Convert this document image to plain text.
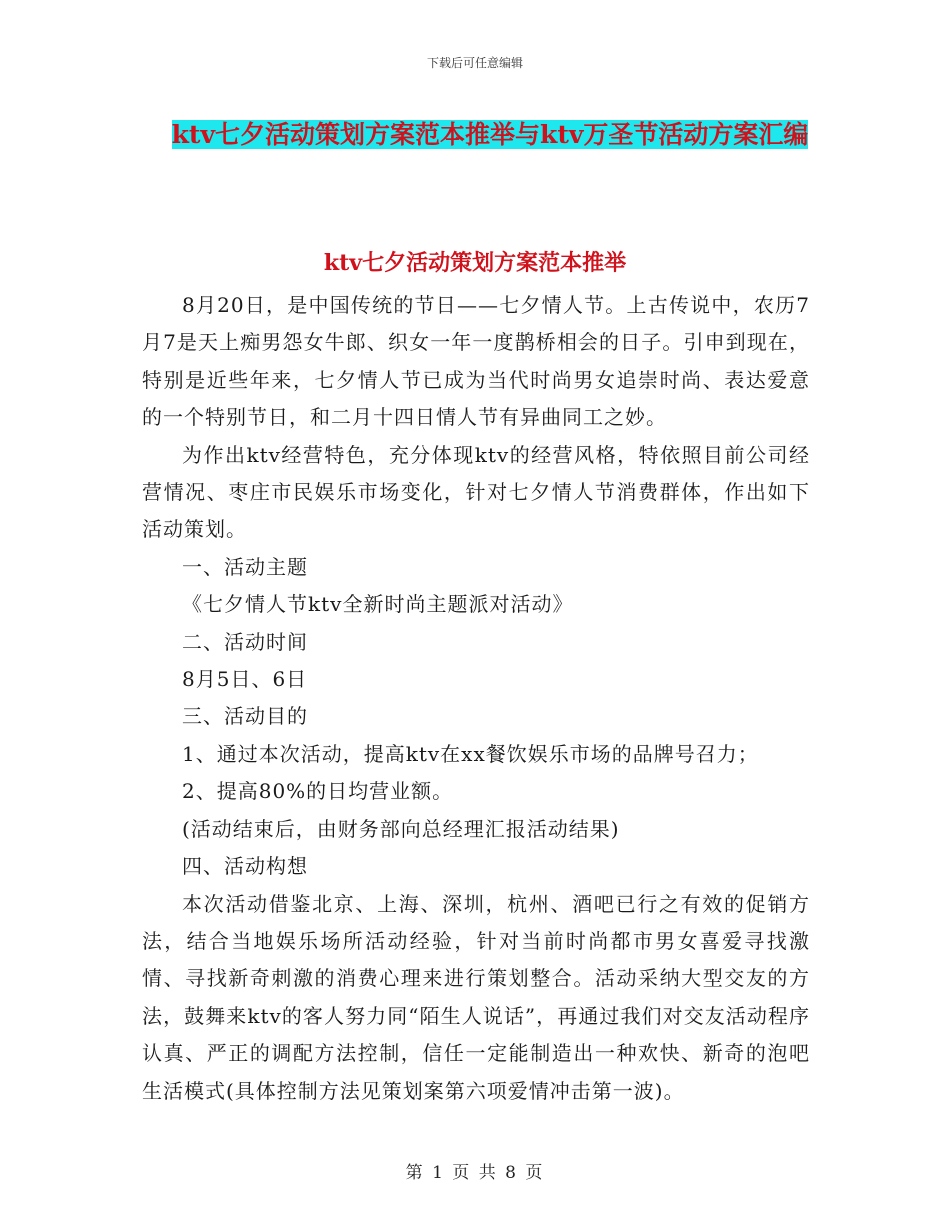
下载后可任意编辑
ktv七夕活动策划方案范本推举与ktv万圣节活动方案汇编
ktv七夕活动策划方案范本推举

8月20日，是中国传统的节日——七夕情人节。上古传说中，农历7月7是天上痴男怨女牛郎、织女一年一度鹊桥相会的日子。引申到现在，特别是近些年来，七夕情人节已成为当代时尚男女追崇时尚、表达爱意的一个特别节日，和二月十四日情人节有异曲同工之妙。

为作出ktv经营特色，充分体现ktv的经营风格，特依照目前公司经营情况、枣庄市民娱乐市场变化，针对七夕情人节消费群体，作出如下活动策划。

一、活动主题

《七夕情人节ktv全新时尚主题派对活动》

二、活动时间

8月5日、6日

三、活动目的

1、通过本次活动，提高ktv在xx餐饮娱乐市场的品牌号召力；

2、提高80%的日均营业额。

(活动结束后，由财务部向总经理汇报活动结果)

四、活动构想

本次活动借鉴北京、上海、深圳，杭州、酒吧已行之有效的促销方法，结合当地娱乐场所活动经验，针对当前时尚都市男女喜爱寻找激情、寻找新奇刺激的消费心理来进行策划整合。活动采纳大型交友的方法，鼓舞来ktv的客人努力同“陌生人说话”，再通过我们对交友活动程序认真、严正的调配方法控制，信任一定能制造出一种欢快、新奇的泡吧生活模式(具体控制方法见策划案第六项爱情冲击第一波)。

第 1 页 共 8 页
